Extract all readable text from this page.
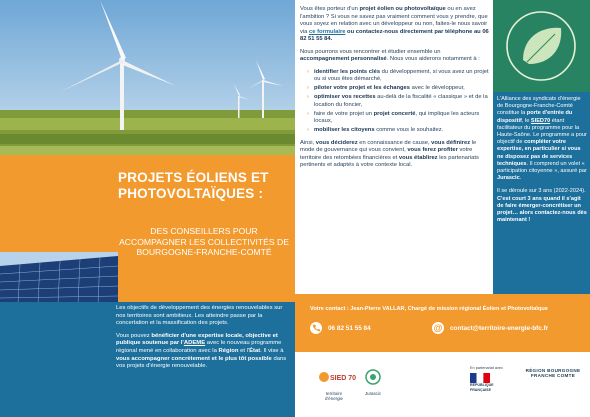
PROJETS ÉOLIENS ET PHOTOVOLTAÏQUES :
DES CONSEILLERS POUR ACCOMPAGNER LES COLLECTIVITÉS DE BOURGOGNE-FRANCHE-COMTÉ

Les objectifs de développement des énergies renouvelables sur nos territoires sont ambitieux. Les atteindre passe par la concertation et la massification des projets.

Vous pouvez bénéficier d'une expertise locale, objective et publique soutenue par l'ADEME avec le nouveau programme régional mené en collaboration avec la Région et l'État. Il vise à vous accompagner concrètement et le plus tôt possible dans vos projets d'énergie renouvelable.

Vous êtes porteur d'un projet éolien ou photovoltaïque ou en avez l'ambition ? Si vous ne savez pas vraiment comment vous y prendre, que vous soyez en relation avec un développeur ou non, faites-le nous savoir via ce formulaire ou contactez-nous directement par téléphone au 06 82 51 55 84.

Nous pourrons vous rencontrer et étudier ensemble un accompagnement personnalisé. Nous vous aiderons notamment à :

› identifier les points clés du développement, si vous avez un projet ou si vous êtes démarché,
› piloter votre projet et les échanges avec le développeur,
› optimiser vos recettes au-delà de la fiscalité « classique » et de la location du foncier,
› faire de votre projet un projet concerté, qui implique les acteurs locaux,
› mobiliser les citoyens comme vous le souhaitez.

Ainsi, vous déciderez en connaissance de cause, vous définirez le mode de gouvernance qui vous convient, vous ferez profiter votre territoire des retombées financières et vous établirez les partenariats pertinents et adaptés à votre contexte local.

L'Alliance des syndicats d'énergie de Bourgogne-Franche-Comté constitue la porte d'entrée du dispositif, le SIED70 étant facilitateur du programme pour la Haute-Saône. Le programme a pour objectif de compléter votre expertise, en particulier si vous ne disposez pas de services techniques. Il comprend un volet « participation citoyenne », assuré par Jurascic.

Il se déroule sur 3 ans (2022-2024). C'est court 3 ans quand il s'agit de faire émerger-concrétiser un projet… alors contactez-nous dès maintenant !

Votre contact : Jean-Pierre VALLAR, Chargé de mission régional Éolien et Photovoltaïque
06 82 51 55 84	@ contact@territoire-energie-bfc.fr
SIED 70
territoire d'énergie
Jurascic
En partenariat avec
RÉPUBLIQUE FRANÇAISE
RÉGION BOURGOGNE FRANCHE COMTE
